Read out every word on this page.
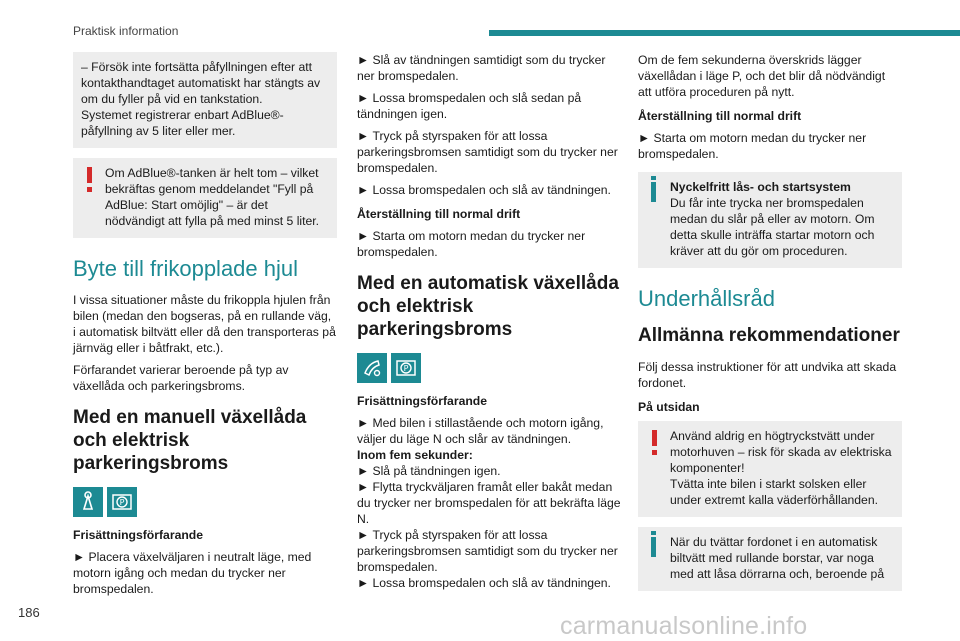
Praktisk information

– Försök inte fortsätta påfyllningen efter att kontakthandtaget automatiskt har stängts av om du fyller på vid en tankstation.

Systemet registrerar enbart AdBlue®-påfyllning av 5 liter eller mer.

Om AdBlue®-tanken är helt tom – vilket bekräftas genom meddelandet "Fyll på AdBlue: Start omöjlig" – är det nödvändigt att fylla på med minst 5 liter.

Byte till frikopplade hjul

I vissa situationer måste du frikoppla hjulen från bilen (medan den bogseras, på en rullande väg, i automatisk biltvätt eller då den transporteras på järnväg eller i båtfrakt, etc.).

Förfarandet varierar beroende på typ av växellåda och parkeringsbroms.

Med en manuell växellåda och elektrisk parkeringsbroms
P
Frisättningsförfarande

► Placera växelväljaren i neutralt läge, med motorn igång och medan du trycker ner bromspedalen.

► Slå av tändningen samtidigt som du trycker ner bromspedalen.

► Lossa bromspedalen och slå sedan på tändningen igen.

► Tryck på styrspaken för att lossa parkeringsbromsen samtidigt som du trycker ner bromspedalen.

► Lossa bromspedalen och slå av tändningen.

Återställning till normal drift

► Starta om motorn medan du trycker ner bromspedalen.

Med en automatisk växellåda och elektrisk parkeringsbroms
P
Frisättningsförfarande

► Med bilen i stillastående och motorn igång, väljer du läge N och slår av tändningen.

Inom fem sekunder:

► Slå på tändningen igen.

► Flytta tryckväljaren framåt eller bakåt medan du trycker ner bromspedalen för att bekräfta läge N.

► Tryck på styrspaken för att lossa parkeringsbromsen samtidigt som du trycker ner bromspedalen.

► Lossa bromspedalen och slå av tändningen.

Om de fem sekunderna överskrids lägger växellådan i läge P, och det blir då nödvändigt att utföra proceduren på nytt.

Återställning till normal drift

► Starta om motorn medan du trycker ner bromspedalen.

Nyckelfritt lås- och startsystem

Du får inte trycka ner bromspedalen medan du slår på eller av motorn. Om detta skulle inträffa startar motorn och kräver att du gör om proceduren.

Underhållsråd
Allmänna rekommendationer

Följ dessa instruktioner för att undvika att skada fordonet.

På utsidan

Använd aldrig en högtryckstvätt under motorhuven – risk för skada av elektriska komponenter!

Tvätta inte bilen i starkt solsken eller under extremt kalla väderförhållanden.

När du tvättar fordonet i en automatisk biltvätt med rullande borstar, var noga med att låsa dörrarna och, beroende på

186	carmanualsonline.info
